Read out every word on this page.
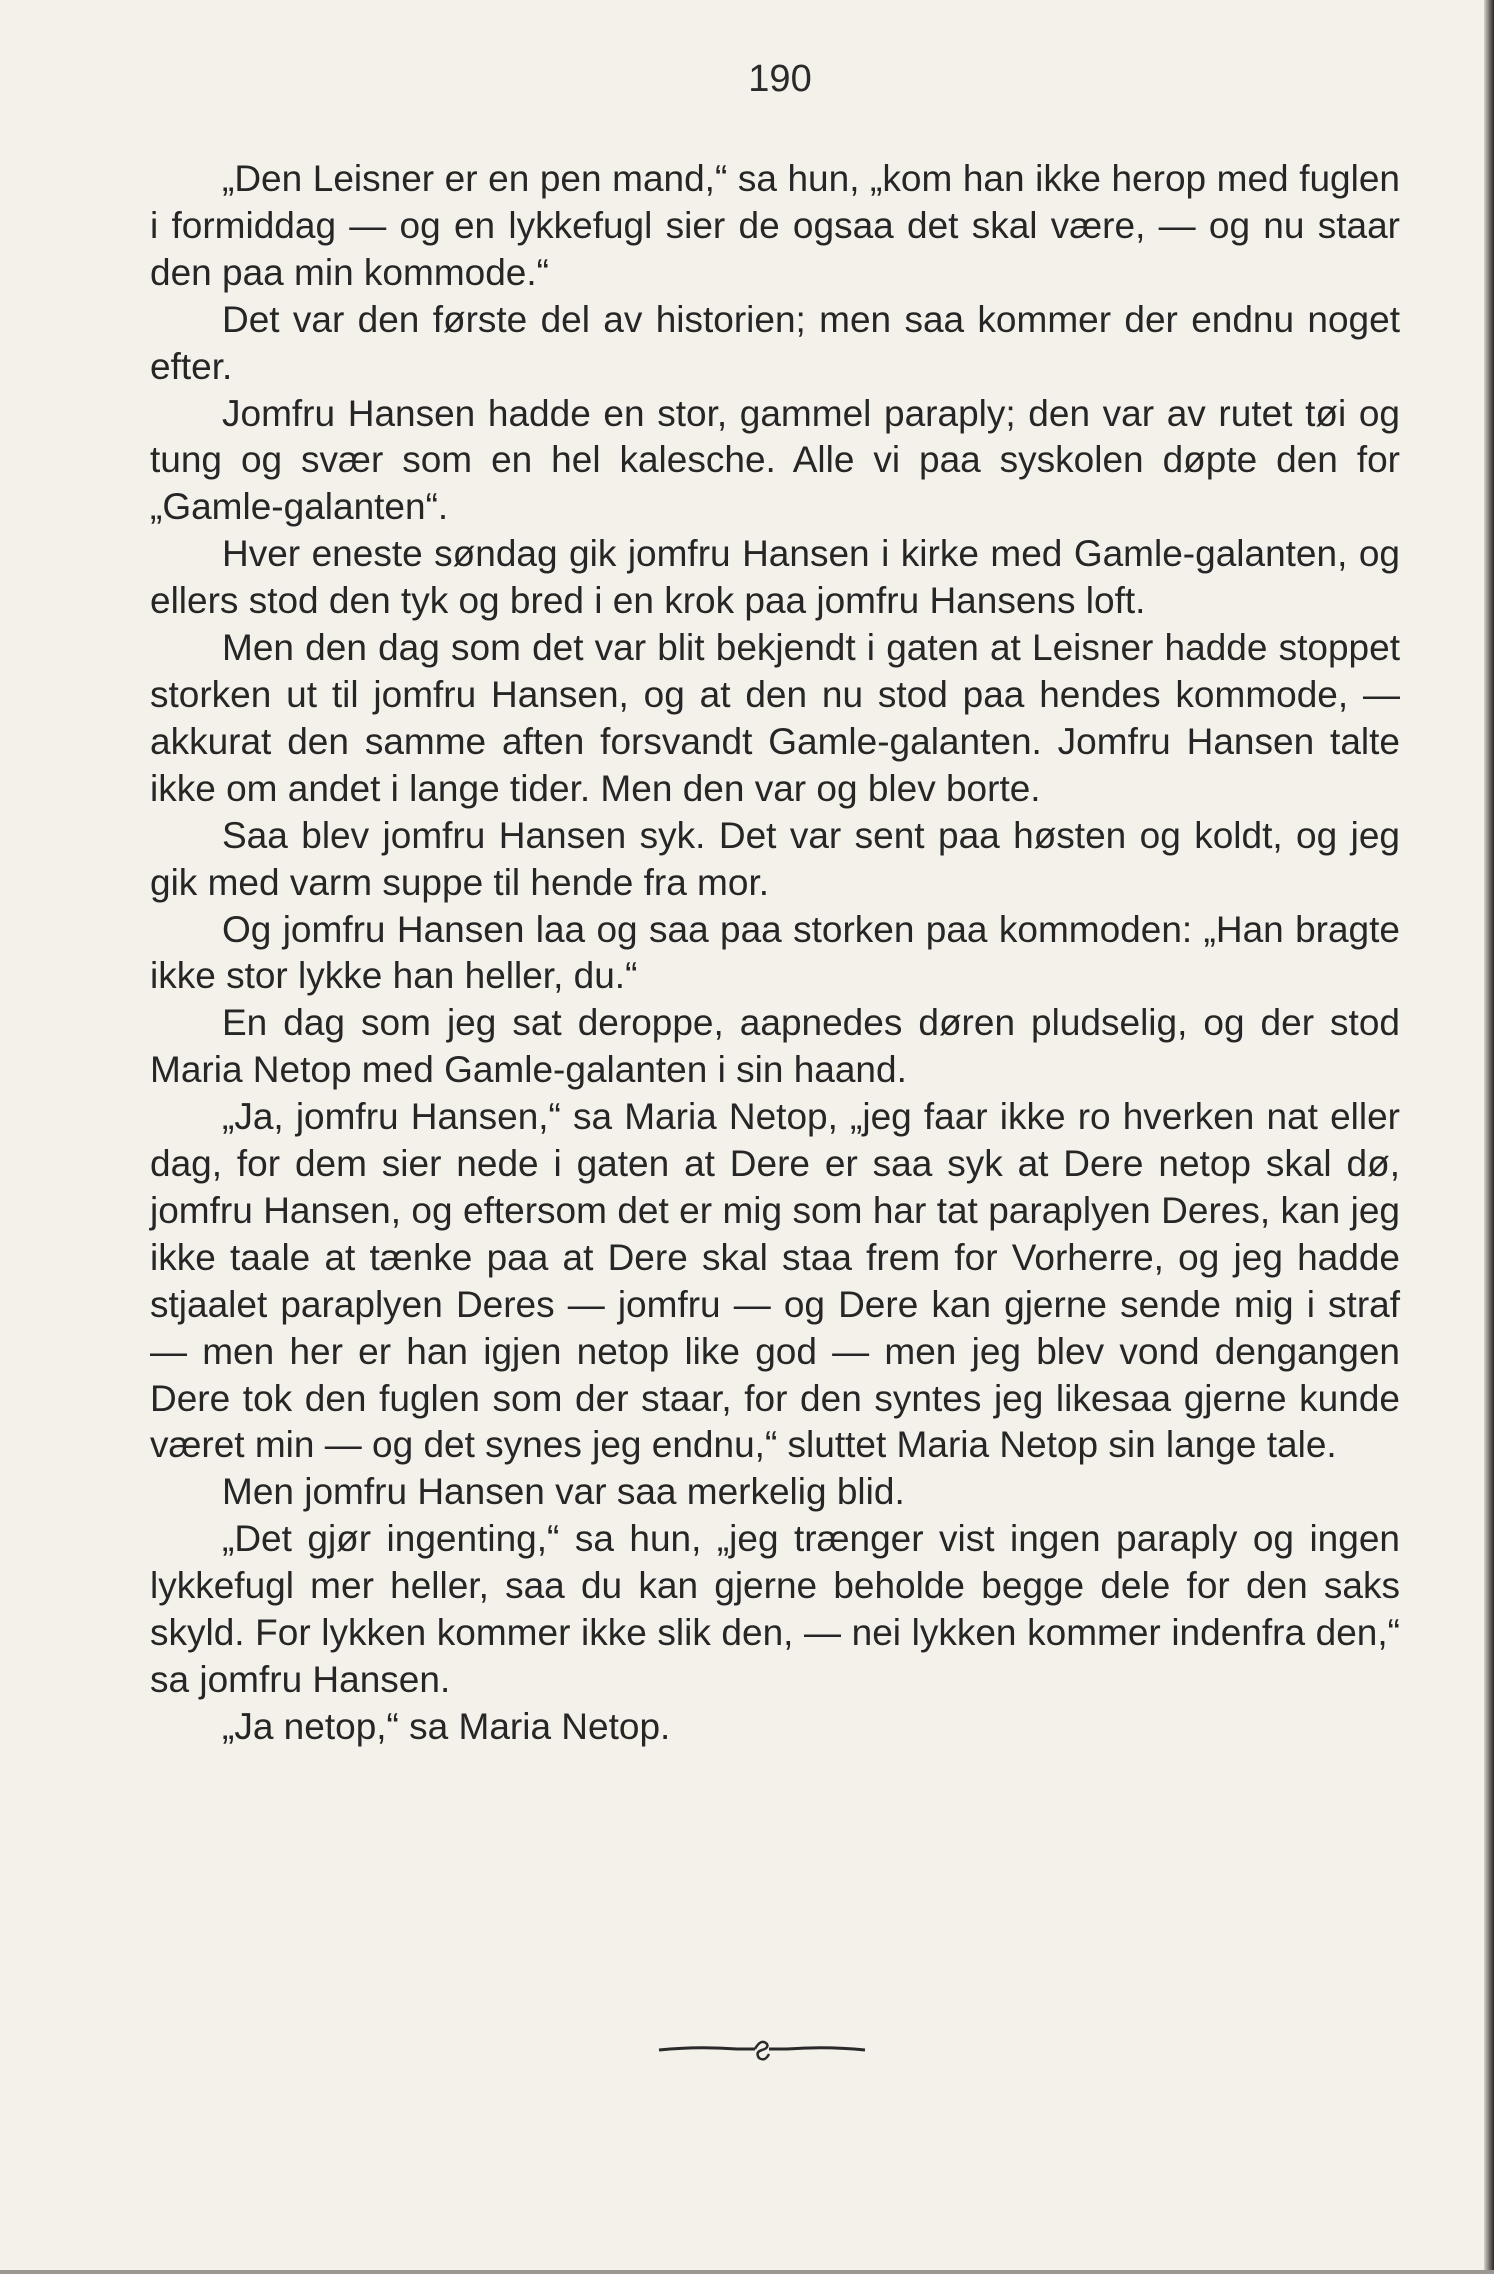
190

„Den Leisner er en pen mand,“ sa hun, „kom han ikke herop med fuglen i formiddag — og en lykkefugl sier de ogsaa det skal være, — og nu staar den paa min kommode.“

Det var den første del av historien; men saa kommer der endnu noget efter.

Jomfru Hansen hadde en stor, gammel paraply; den var av rutet tøi og tung og svær som en hel kalesche. Alle vi paa syskolen døpte den for „Gamle-galanten“.

Hver eneste søndag gik jomfru Hansen i kirke med Gamle-galanten, og ellers stod den tyk og bred i en krok paa jomfru Hansens loft.

Men den dag som det var blit bekjendt i gaten at Leisner hadde stoppet storken ut til jomfru Hansen, og at den nu stod paa hendes kommode, — akkurat den samme aften forsvandt Gamle-galanten. Jomfru Hansen talte ikke om andet i lange tider. Men den var og blev borte.

Saa blev jomfru Hansen syk. Det var sent paa høsten og koldt, og jeg gik med varm suppe til hende fra mor.

Og jomfru Hansen laa og saa paa storken paa kommoden: „Han bragte ikke stor lykke han heller, du.“

En dag som jeg sat deroppe, aapnedes døren pludselig, og der stod Maria Netop med Gamle-galanten i sin haand.

„Ja, jomfru Hansen,“ sa Maria Netop, „jeg faar ikke ro hverken nat eller dag, for dem sier nede i gaten at Dere er saa syk at Dere netop skal dø, jomfru Hansen, og eftersom det er mig som har tat paraplyen Deres, kan jeg ikke taale at tænke paa at Dere skal staa frem for Vorherre, og jeg hadde stjaalet paraplyen Deres — jomfru — og Dere kan gjerne sende mig i straf — men her er han igjen netop like god — men jeg blev vond dengangen Dere tok den fuglen som der staar, for den syntes jeg likesaa gjerne kunde været min — og det synes jeg endnu,“ sluttet Maria Netop sin lange tale.

Men jomfru Hansen var saa merkelig blid.

„Det gjør ingenting,“ sa hun, „jeg trænger vist ingen paraply og ingen lykkefugl mer heller, saa du kan gjerne beholde begge dele for den saks skyld. For lykken kommer ikke slik den, — nei lykken kommer indenfra den,“ sa jomfru Hansen.

„Ja netop,“ sa Maria Netop.
